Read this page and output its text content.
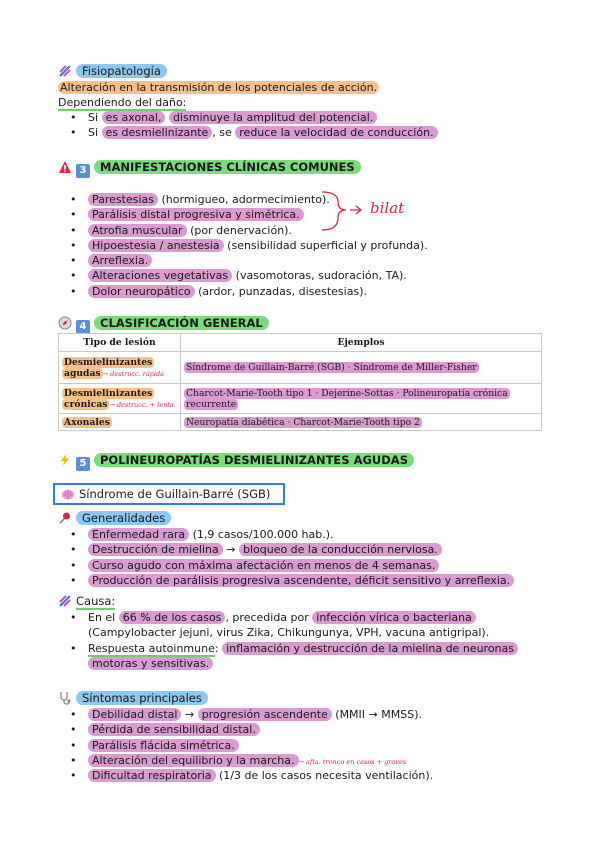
Fisiopatología
Alteración en la transmisión de los potenciales de acción.
Dependiendo del daño:
• Si es axonal, disminuye la amplitud del potencial.
• Si es desmielinizante , se reduce la velocidad de conducción.
3 MANIFESTACIONES CLÍNICAS COMUNES
• Parestesias (hormigueo, adormecimiento).
• Parálisis distal progresiva y simétrica.
• Atrofia muscular (por denervación).
• Hipoestesia / anestesia (sensibilidad superficial y profunda).
• Arreflexia.
• Alteraciones vegetativas (vasomotoras, sudoración, TA).
• Dolor neuropático (ardor, punzadas, disestesias).
bilat
4 CLASIFICACIÓN GENERAL
Tipo de lesión	Ejemplos
Desmielinizantes
agudas → destrucc. rápida	Síndrome de Guillain-Barré (SGB) · Síndrome de Miller-Fisher
Desmielinizantes
crónicas → destrucc. + lenta	Charcot-Marie-Tooth tipo 1 · Dejerine-Sottas · Polineuropatía crónica
recurrente
Axonales	Neuropatía diabética · Charcot-Marie-Tooth tipo 2
5 POLINEUROPATÍAS DESMIELINIZANTES AGUDAS
Síndrome de Guillain-Barré (SGB)
Generalidades
• Enfermedad rara (1,9 casos/100.000 hab.).
• Destrucción de mielina → bloqueo de la conducción nerviosa.
• Curso agudo con máxima afectación en menos de 4 semanas.
• Producción de parálisis progresiva ascendente, déficit sensitivo y arreflexia.
Causa:
• En el 66 % de los casos , precedida por infección vírica o bacteriana
(Campylobacter jejuni, virus Zika, Chikungunya, VPH, vacuna antigripal).
• Respuesta autoinmune: inflamación y destrucción de la mielina de neuronas
motoras y sensitivas.
Síntomas principales
• Debilidad distal → progresión ascendente (MMII → MMSS).
• Pérdida de sensibilidad distal.
• Parálisis flácida simétrica.
• Alteración del equilibrio y la marcha. → afta. tronco en casos + graves
• Dificultad respiratoria (1/3 de los casos necesita ventilación).
